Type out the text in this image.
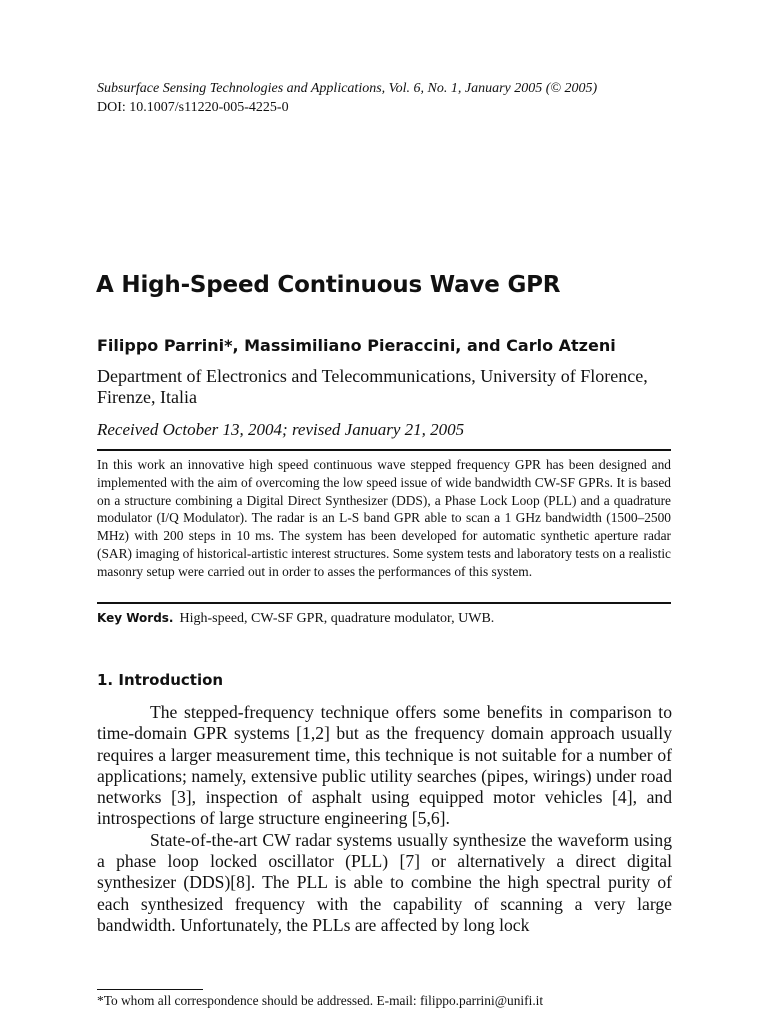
Subsurface Sensing Technologies and Applications, Vol. 6, No. 1, January 2005 (© 2005)
DOI: 10.1007/s11220-005-4225-0
A High-Speed Continuous Wave GPR
Filippo Parrini*, Massimiliano Pieraccini, and Carlo Atzeni
Department of Electronics and Telecommunications, University of Florence, Firenze, Italia
Received October 13, 2004; revised January 21, 2005
In this work an innovative high speed continuous wave stepped frequency GPR has been designed and implemented with the aim of overcoming the low speed issue of wide bandwidth CW-SF GPRs. It is based on a structure combining a Digital Direct Synthesizer (DDS), a Phase Lock Loop (PLL) and a quadrature modulator (I/Q Modulator). The radar is an L-S band GPR able to scan a 1 GHz bandwidth (1500–2500 MHz) with 200 steps in 10 ms. The system has been developed for automatic synthetic aperture radar (SAR) imaging of historical-artistic interest structures. Some system tests and laboratory tests on a realistic masonry setup were carried out in order to asses the performances of this system.
Key Words. High-speed, CW-SF GPR, quadrature modulator, UWB.
1. Introduction

The stepped-frequency technique offers some benefits in comparison to time-domain GPR systems [1,2] but as the frequency domain approach usually requires a larger measurement time, this technique is not suitable for a number of applications; namely, extensive public utility searches (pipes, wirings) under road networks [3], inspection of asphalt using equipped motor vehicles [4], and introspections of large structure engineering [5,6].

State-of-the-art CW radar systems usually synthesize the waveform using a phase loop locked oscillator (PLL) [7] or alternatively a direct digital synthesizer (DDS)[8]. The PLL is able to combine the high spectral purity of each synthesized frequency with the capability of scanning a very large bandwidth. Unfortunately, the PLLs are affected by long lock

*To whom all correspondence should be addressed. E-mail: filippo.parrini@unifi.it
